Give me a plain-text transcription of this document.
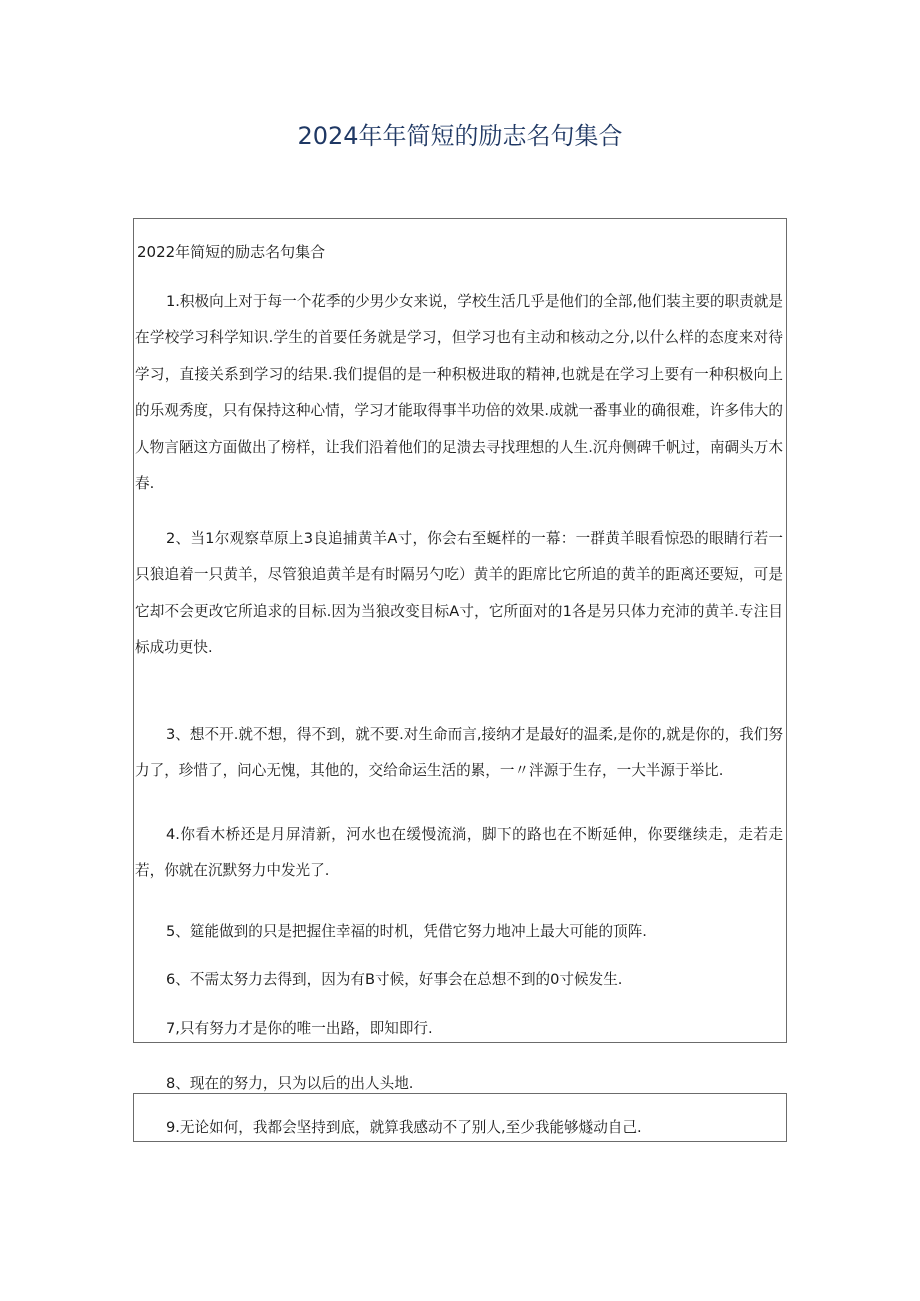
2024年年简短的励志名句集合
2022年简短的励志名句集合

1.积极向上对于每一个花季的少男少女来说，学校生活几乎是他们的全部,他们装主要的职责就是在学校学习科学知识.学生的首要任务就是学习，但学习也有主动和核动之分,以什么样的态度来对待学习，直接关系到学习的结果.我们提倡的是一种积极进取的精神,也就是在学习上要有一种积极向上的乐观秀度，只有保持这种心情，学习才能取得事半功倍的效果.成就一番事业的确很难，许多伟大的人物言陋这方面做出了榜样，让我们沿着他们的足溃去寻找理想的人生.沉舟侧碑千帆过，南碉头万木春.

2、当1尔观察草原上3良追捕黄羊A寸，你会右至蜒样的一幕：一群黄羊眼看惊恐的眼睛行若一只狼追着一只黄羊，尽管狼追黄羊是有时隔另勺吃）黄羊的距席比它所追的黄羊的距离还要短，可是它却不会更改它所追求的目标.因为当狼改变目标A寸，它所面对的1各是另只体力充沛的黄羊.专注目标成功更快.

3、想不开.就不想，得不到，就不要.对生命而言,接纳才是最好的温柔,是你的,就是你的，我们努力了，珍惜了，问心无愧，其他的，交给命运生活的累，一〃泮源于生存，一大半源于举比.

4.你看木桥还是月屏清新，河水也在缓慢流淌，脚下的路也在不断延伸，你要继续走，走若走若，你就在沉默努力中发光了.

5、筵能做到的只是把握住幸福的时机，凭借它努力地冲上最大可能的顶阵.
6、不需太努力去得到，因为有B寸候，好事会在总想不到的0寸候发生.
7,只有努力才是你的唯一出路，即知即行.
8、现在的努力，只为以后的出人头地.
9.无论如何，我都会坚持到底，就算我感动不了别人,至少我能够燧动自己.
